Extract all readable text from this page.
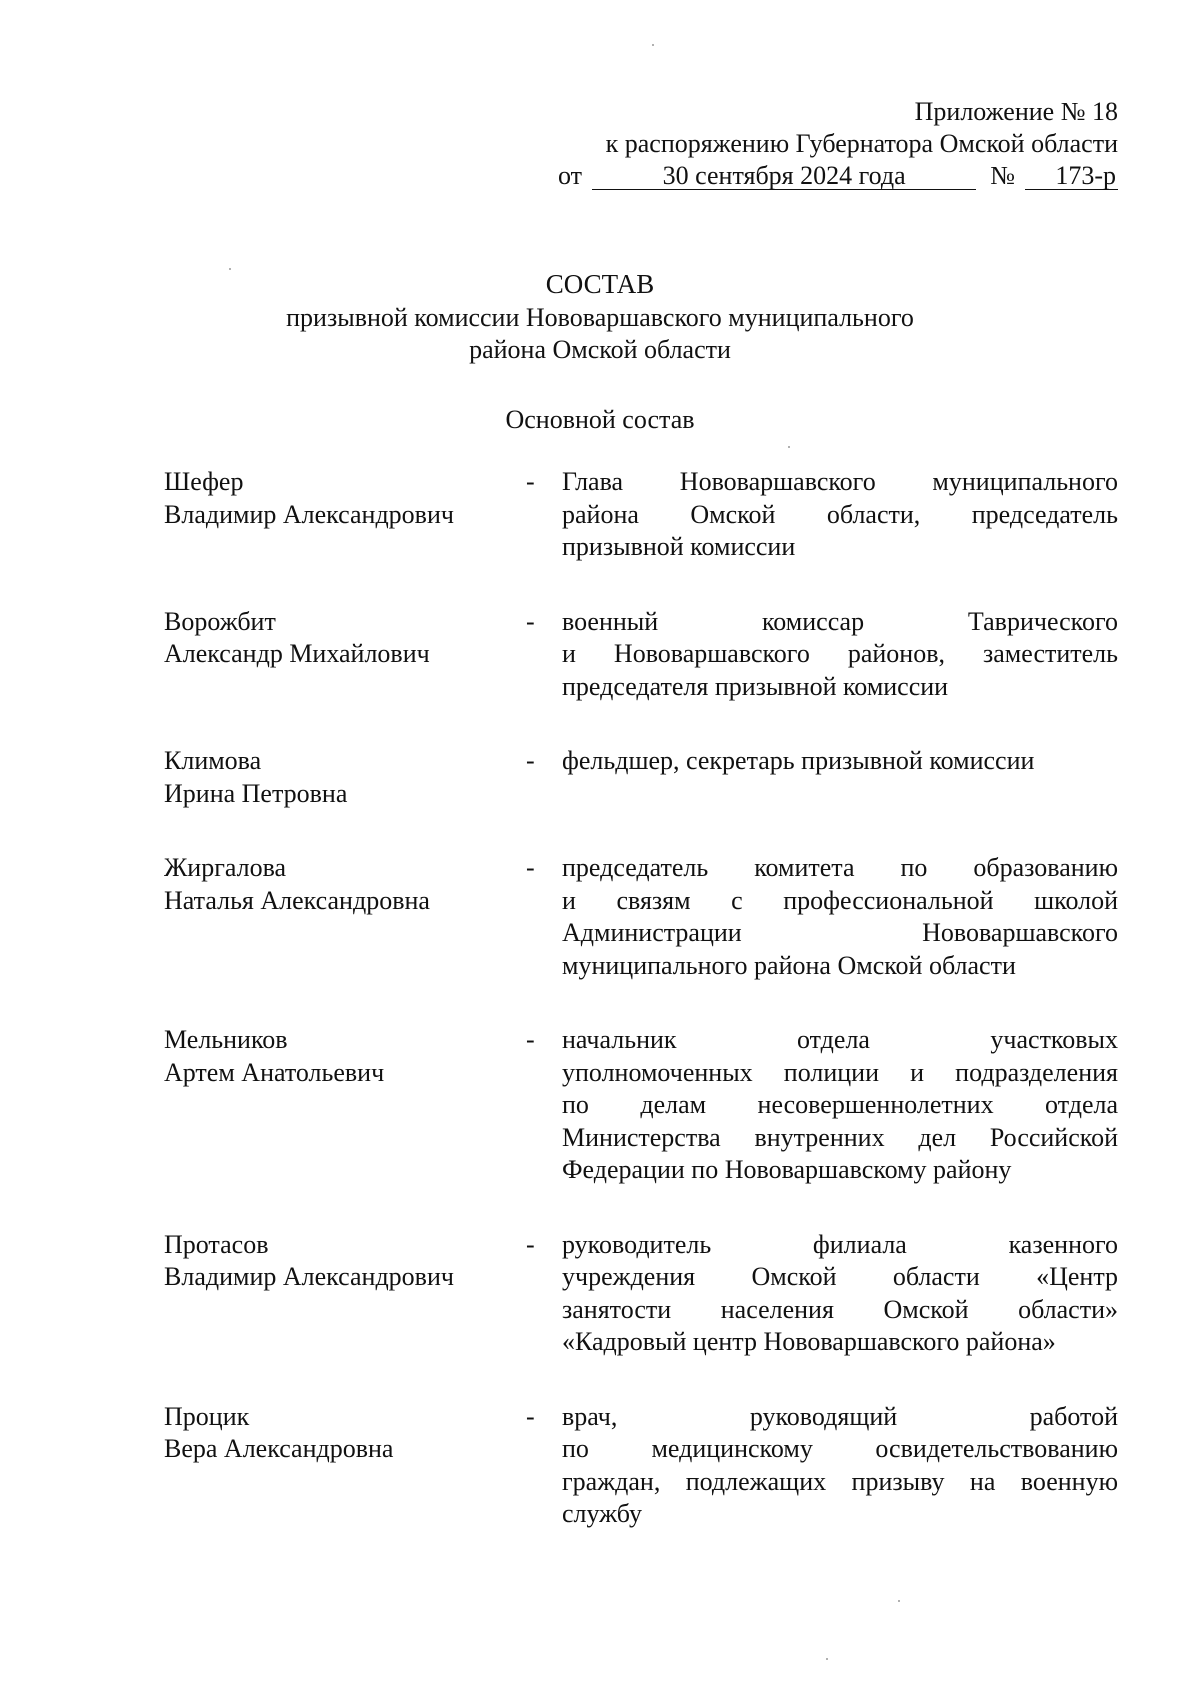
Приложение № 18
к распоряжению Губернатора Омской области
от	30 сентября 2024 года	№	173-р
СОСТАВ
призывной комиссии Нововаршавского муниципального
района Омской области
Основной состав
Шефер
Владимир Александрович
-	Глава Нововаршавского муниципального
района Омской области, председатель
призывной комиссии
Ворожбит
Александр Михайлович
-	военный комиссар Таврического
и Нововаршавского районов, заместитель
председателя призывной комиссии
Климова
Ирина Петровна
-	фельдшер, секретарь призывной комиссии
Жиргалова
Наталья Александровна
-	председатель комитета по образованию
и связям с профессиональной школой
Администрации Нововаршавского
муниципального района Омской области
Мельников
Артем Анатольевич
-	начальник отдела участковых
уполномоченных полиции и подразделения
по делам несовершеннолетних отдела
Министерства внутренних дел Российской
Федерации по Нововаршавскому району
Протасов
Владимир Александрович
-	руководитель филиала казенного
учреждения Омской области «Центр
занятости населения Омской области»
«Кадровый центр Нововаршавского района»
Процик
Вера Александровна
-	врач, руководящий работой
по медицинскому освидетельствованию
граждан, подлежащих призыву на военную
службу
